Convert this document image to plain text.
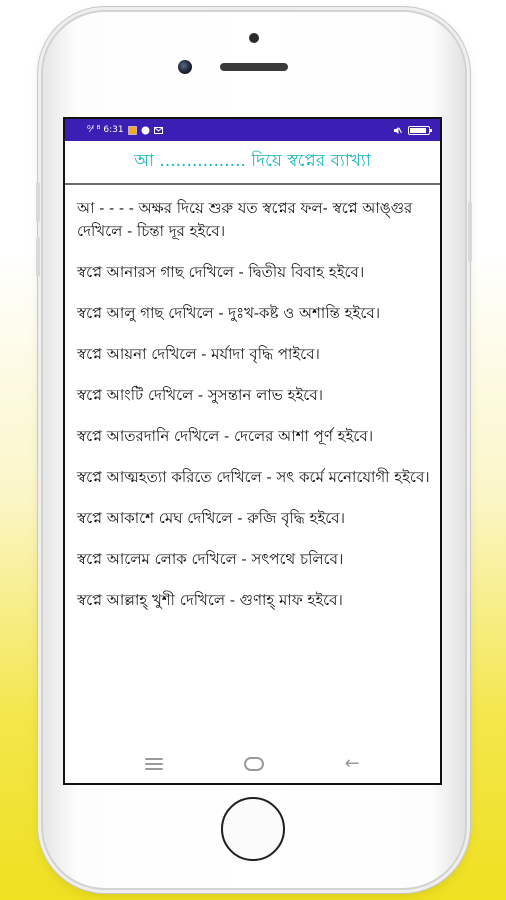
⁰⁄ᴵ ᴮ 6:31
আ ................ দিয়ে স্বপ্নের ব্যাখ্যা
আ - - - - অক্ষর দিয়ে শুরু যত স্বপ্নের ফল- স্বপ্নে আঙ্গুর দেখিলে - চিন্তা দূর হইবে।
স্বপ্নে আনারস গাছ দেখিলে - দ্বিতীয় বিবাহ হইবে।
স্বপ্নে আলু গাছ দেখিলে - দুঃখ-কষ্ট ও অশান্তি হইবে।
স্বপ্নে আয়না দেখিলে - মর্যাদা বৃদ্ধি পাইবে।
স্বপ্নে আংটি দেখিলে - সুসন্তান লাভ হইবে।
স্বপ্নে আতরদানি দেখিলে - দেলের আশা পূর্ণ হইবে।
স্বপ্নে আত্মহত্যা করিতে দেখিলে - সৎ কর্মে মনোযোগী হইবে।
স্বপ্নে আকাশে মেঘ দেখিলে - রুজি বৃদ্ধি হইবে।
স্বপ্নে আলেম লোক দেখিলে - সৎপথে চলিবে।
স্বপ্নে আল্লাহ্ খুশী দেখিলে - গুণাহ্ মাফ হইবে।
←
